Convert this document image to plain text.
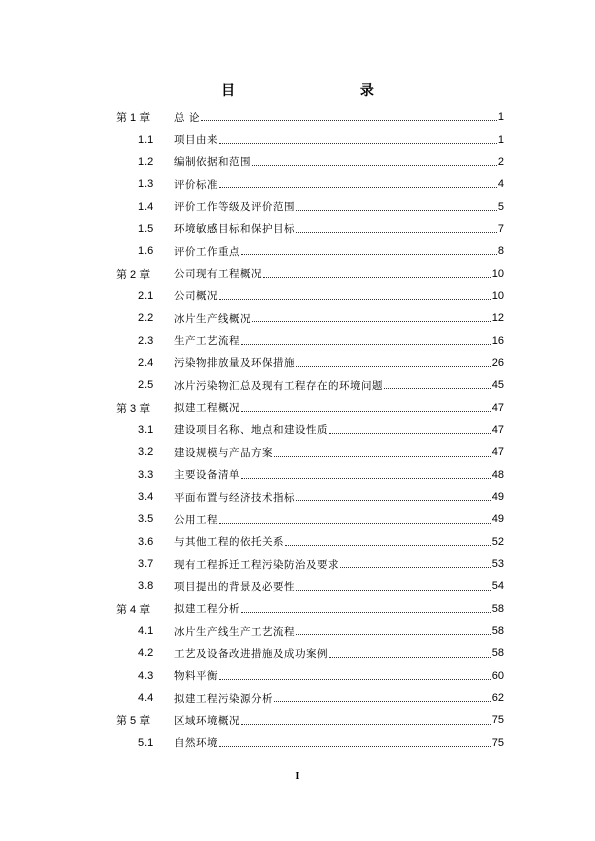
目 录
第 1 章	总 论	1
1.1	项目由来	1
1.2	编制依据和范围	2
1.3	评价标准	4
1.4	评价工作等级及评价范围	5
1.5	环境敏感目标和保护目标	7
1.6	评价工作重点	8
第 2 章	公司现有工程概况	10
2.1	公司概况	10
2.2	冰片生产线概况	12
2.3	生产工艺流程	16
2.4	污染物排放量及环保措施	26
2.5	冰片污染物汇总及现有工程存在的环境问题	45
第 3 章	拟建工程概况	47
3.1	建设项目名称、地点和建设性质	47
3.2	建设规模与产品方案	47
3.3	主要设备清单	48
3.4	平面布置与经济技术指标	49
3.5	公用工程	49
3.6	与其他工程的依托关系	52
3.7	现有工程拆迁工程污染防治及要求	53
3.8	项目提出的背景及必要性	54
第 4 章	拟建工程分析	58
4.1	冰片生产线生产工艺流程	58
4.2	工艺及设备改进措施及成功案例	58
4.3	物料平衡	60
4.4	拟建工程污染源分析	62
第 5 章	区域环境概况	75
5.1	自然环境	75
I
